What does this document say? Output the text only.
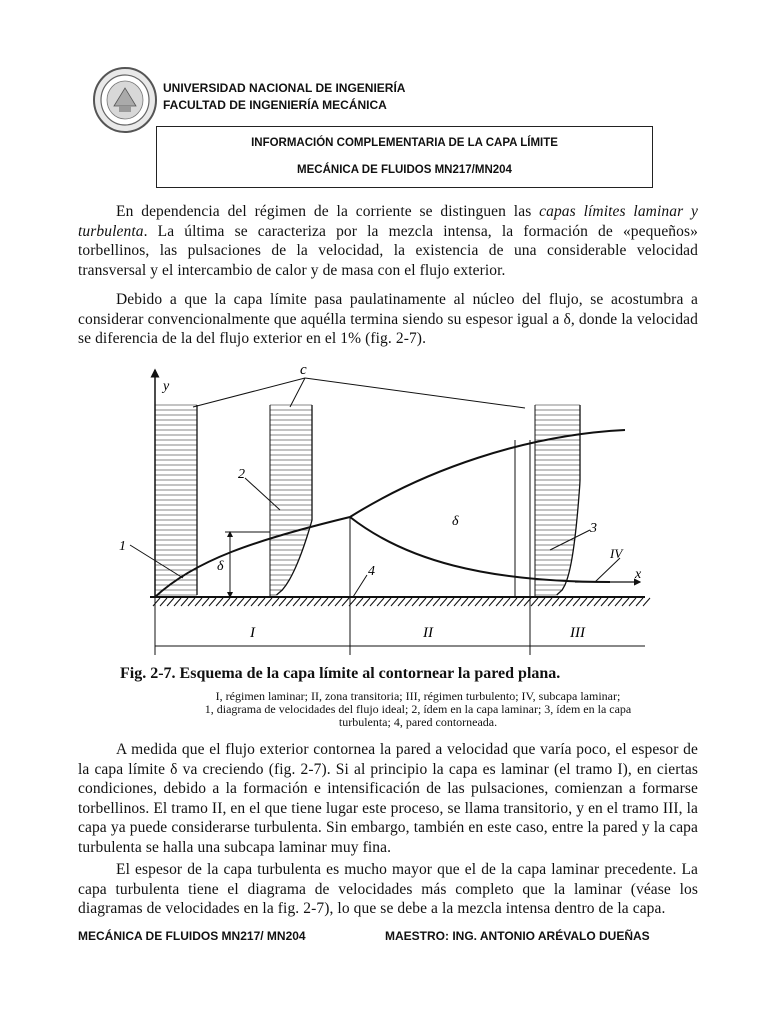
UNIVERSIDAD NACIONAL DE INGENIERÍA
FACULTAD DE INGENIERÍA MECÁNICA
INFORMACIÓN COMPLEMENTARIA DE LA CAPA LÍMITE
MECÁNICA DE FLUIDOS MN217/MN204
En dependencia del régimen de la corriente se distinguen las capas límites laminar y turbulenta. La última se caracteriza por la mezcla intensa, la formación de «pequeños» torbellinos, las pulsaciones de la velocidad, la existencia de una considerable velocidad transversal y el intercambio de calor y de masa con el flujo exterior.
Debido a que la capa límite pasa paulatinamente al núcleo del flujo, se acostumbra a considerar convencionalmente que aquélla termina siendo su espesor igual a δ, donde la velocidad se diferencia de la del flujo exterior en el 1% (fig. 2-7).
y
c
2
1
3
4
IV
x
δ
δ
I	II	III
Fig. 2-7. Esquema de la capa límite al contornear la pared plana.
I, régimen laminar; II, zona transitoria; III, régimen turbulento; IV, subcapa laminar;
1, diagrama de velocidades del flujo ideal; 2, ídem en la capa laminar; 3, ídem en la capa
turbulenta; 4, pared contorneada.
A medida que el flujo exterior contornea la pared a velocidad que varía poco, el espesor de la capa límite δ va creciendo (fig. 2-7). Si al principio la capa es laminar (el tramo I), en ciertas condiciones, debido a la formación e intensificación de las pulsaciones, comienzan a formarse torbellinos. El tramo II, en el que tiene lugar este proceso, se llama transitorio, y en el tramo III, la capa ya puede considerarse turbulenta. Sin embargo, también en este caso, entre la pared y la capa turbulenta se halla una subcapa laminar muy fina.
El espesor de la capa turbulenta es mucho mayor que el de la capa laminar precedente. La capa turbulenta tiene el diagrama de velocidades más completo que la laminar (véase los diagramas de velocidades en la fig. 2-7), lo que se debe a la mezcla intensa dentro de la capa.
MECÁNICA DE FLUIDOS MN217/ MN204	MAESTRO: ING. ANTONIO ARÉVALO DUEÑAS
